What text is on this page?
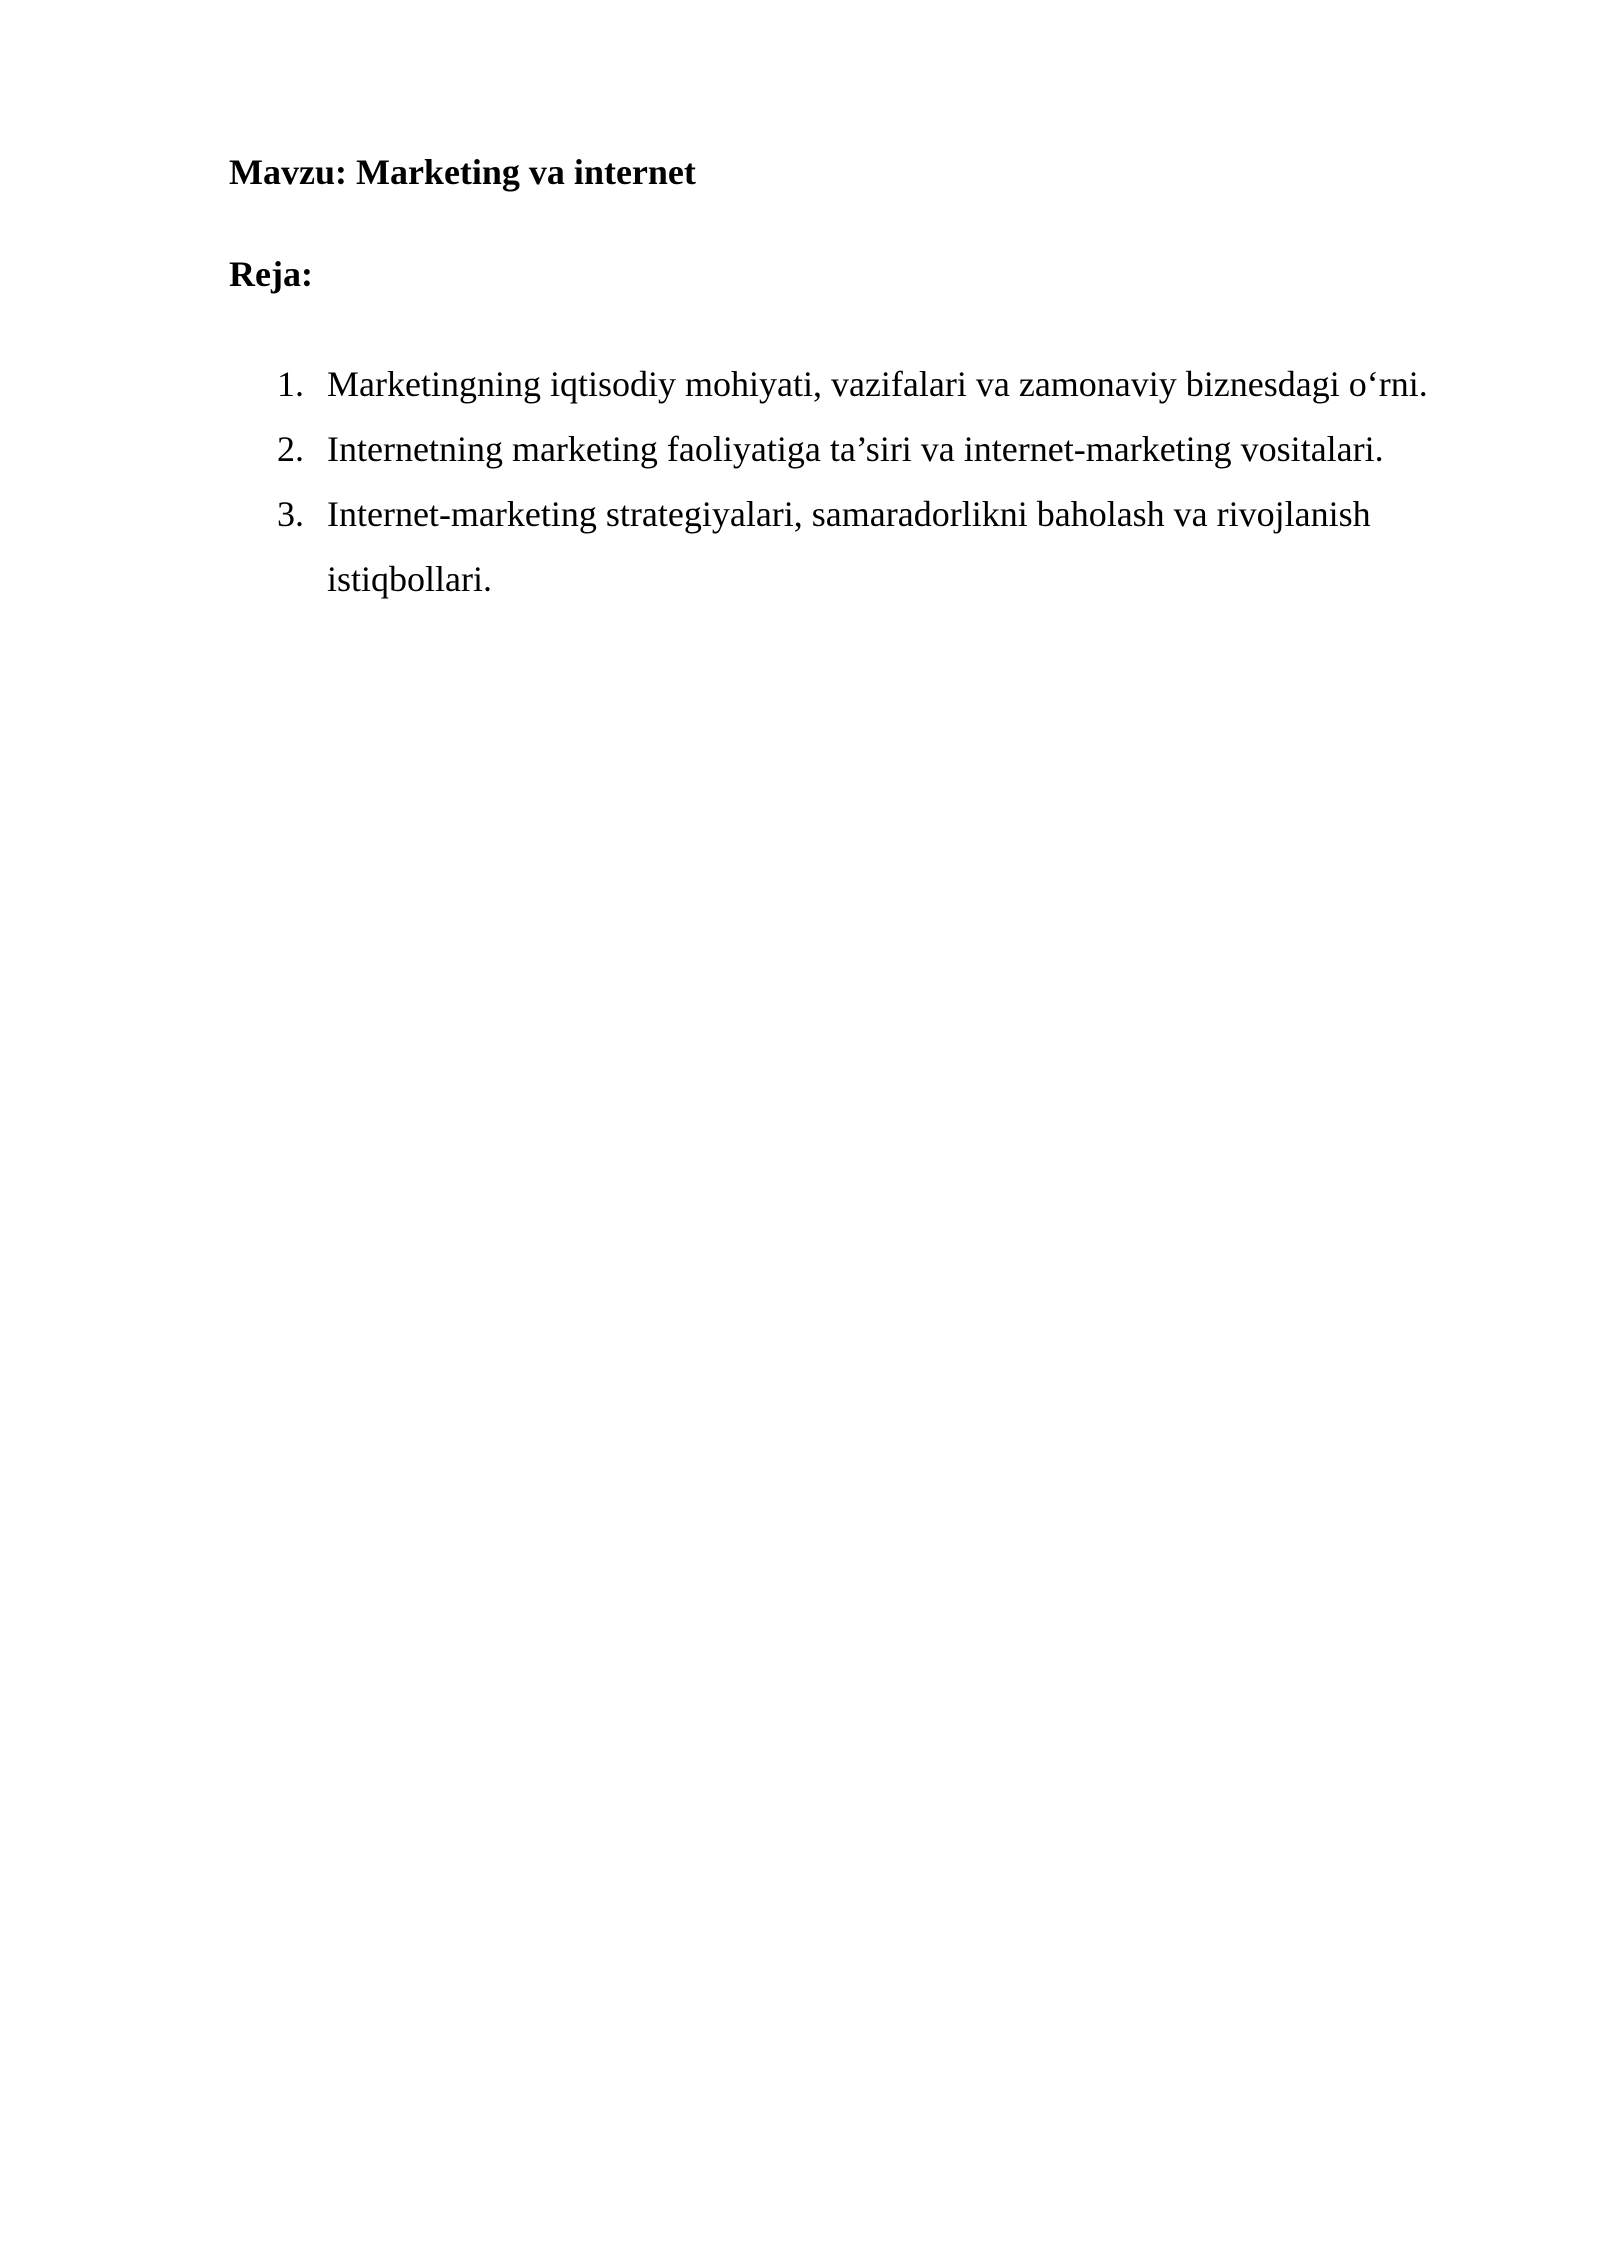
Mavzu: Marketing va internet

Reja:

1. Marketingning iqtisodiy mohiyati, vazifalari va zamonaviy biznesdagi o‘rni.
2. Internetning marketing faoliyatiga ta’siri va internet-marketing vositalari.
3. Internet-marketing strategiyalari, samaradorlikni baholash va rivojlanish istiqbollari.
